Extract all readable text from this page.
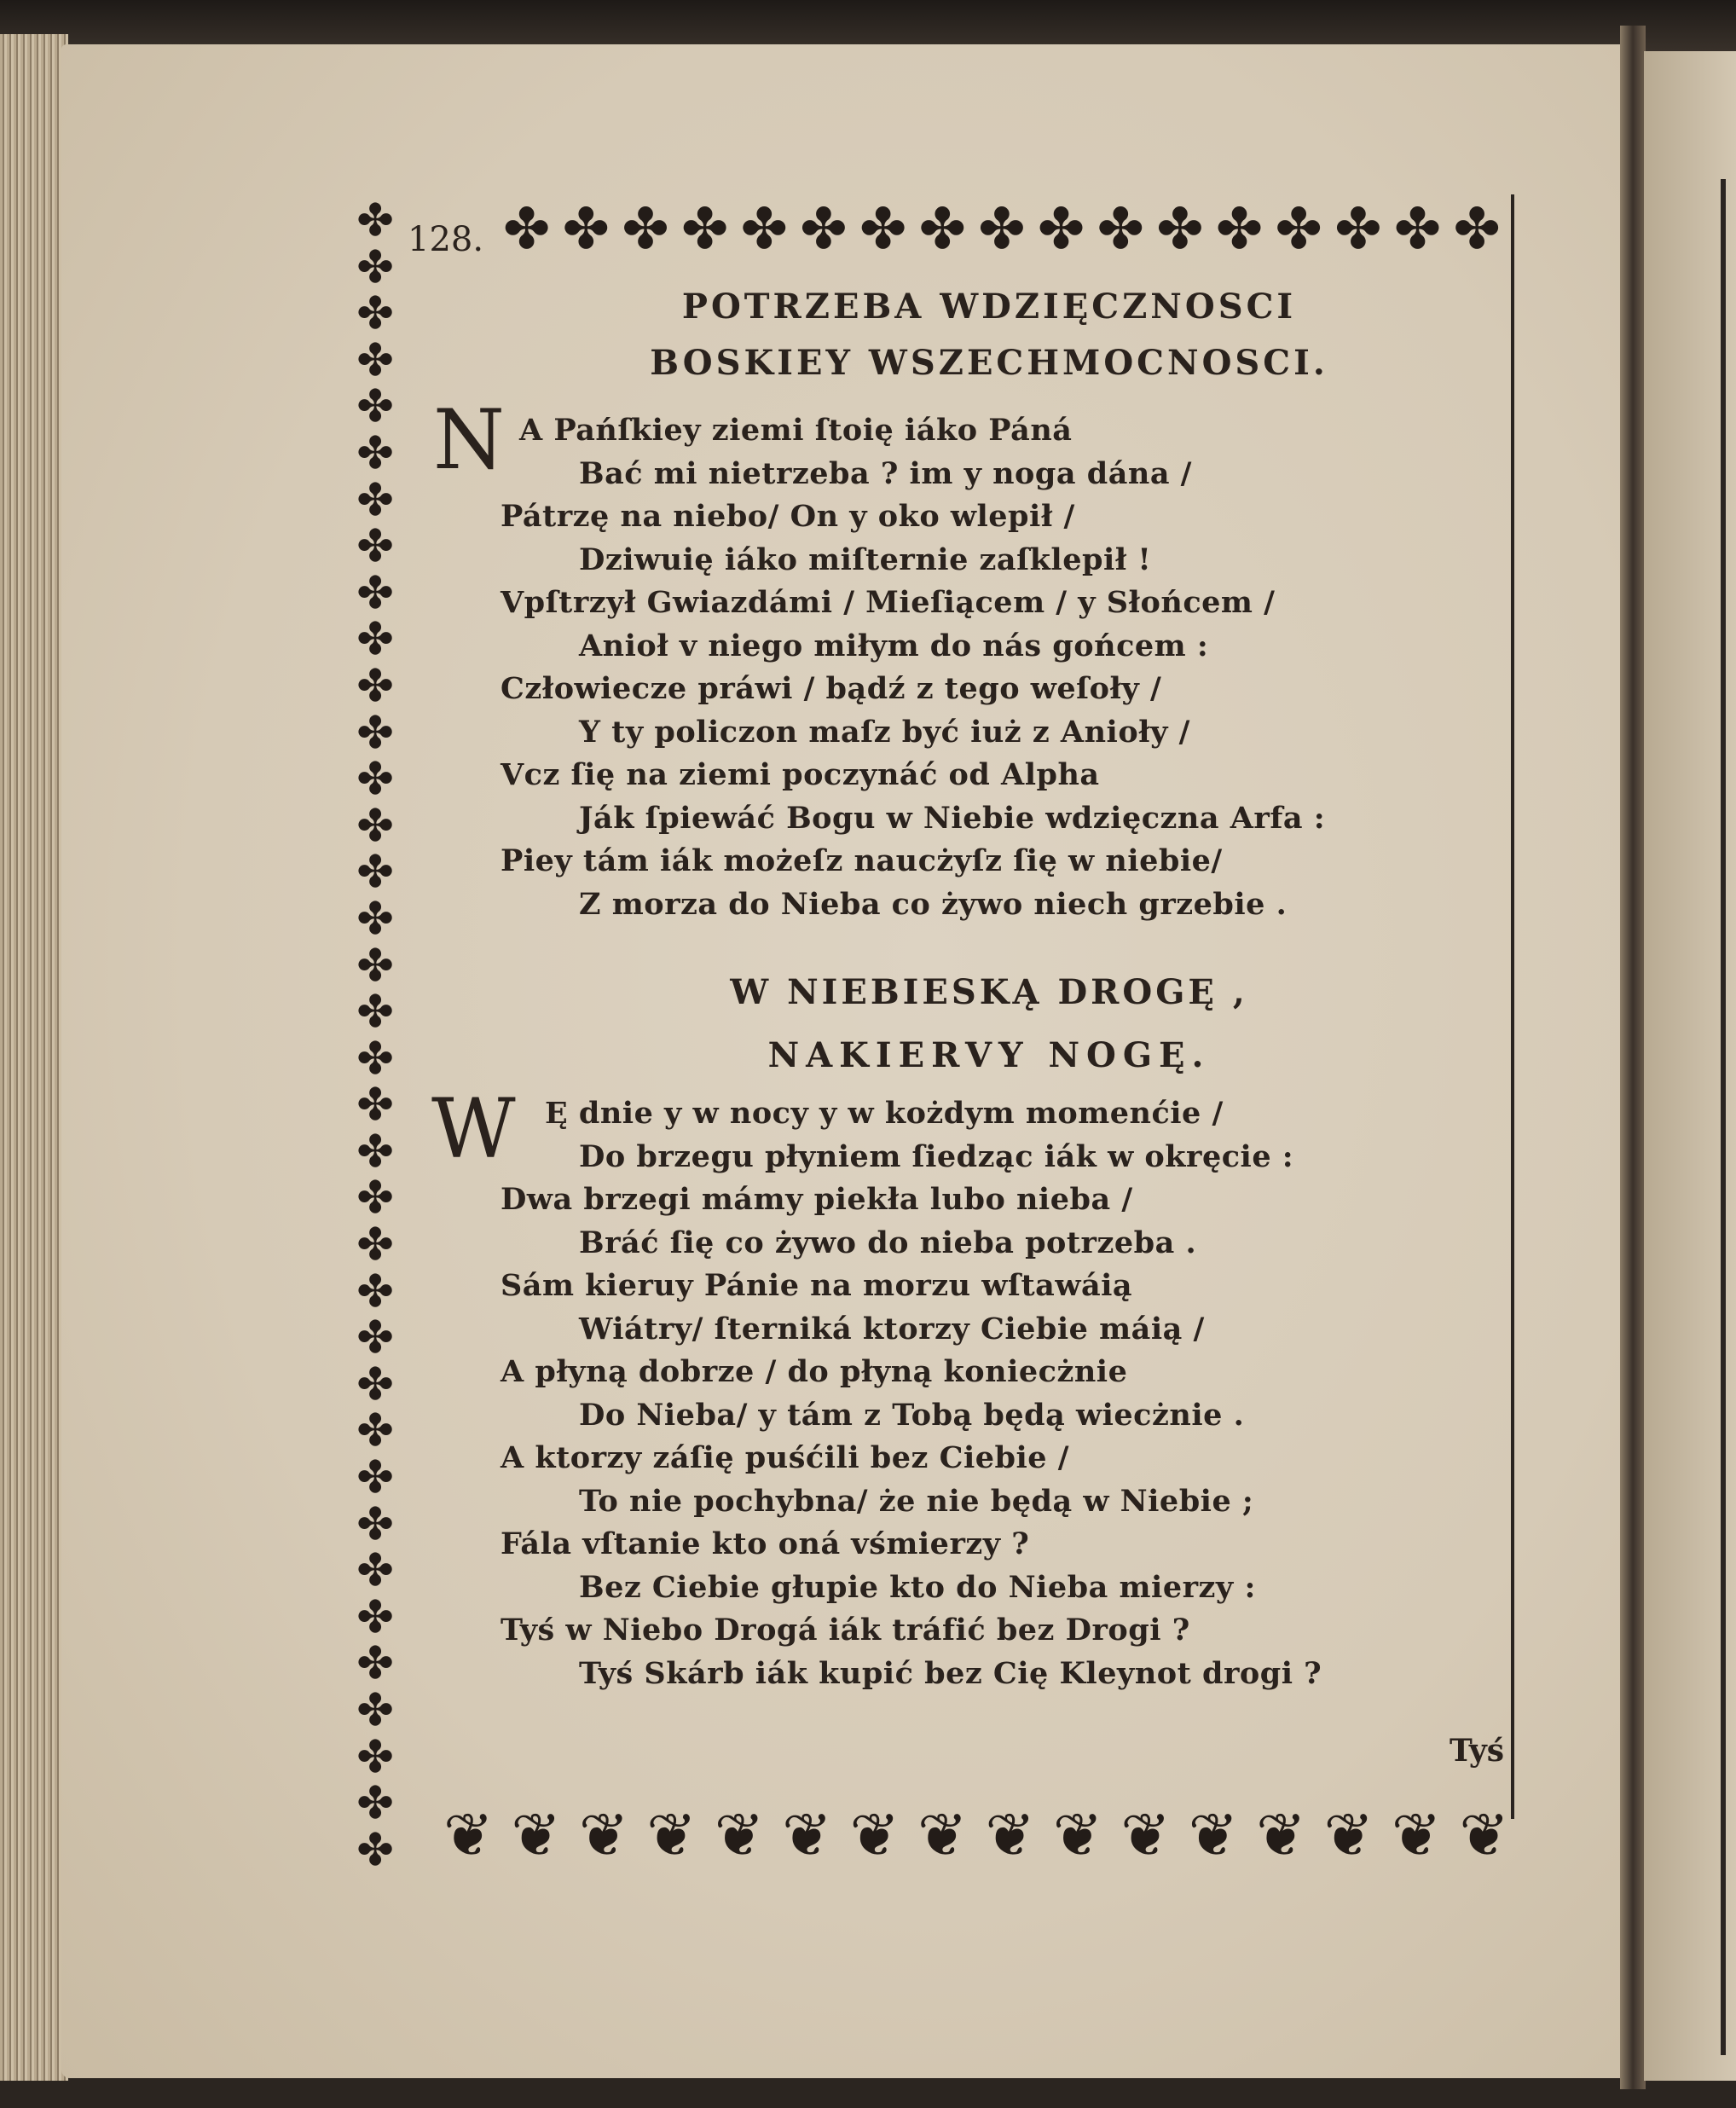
✤ ✤ ✤ ✤ ✤ ✤ ✤ ✤ ✤ ✤ ✤ ✤ ✤ ✤ ✤ ✤ ✤
✤
✤
✤
✤
✤
✤
✤
✤
✤
✤
✤
✤
✤
✤
✤
✤
✤
✤
✤
✤
✤
✤
✤
✤
✤
✤
✤
✤
✤
✤
✤
✤
✤
✤
✤
✤ ❦ ❦ ❦ ❦ ❦ ❦ ❦ ❦ ❦ ❦ ❦ ❦ ❦ ❦ ❦ ❦
128.
POTRZEBA WDZIĘCZNOSCI
BOSKIEY WSZECHMOCNOSCI.
N A Pańſkiey ziemi ſtoię iáko Páná
Bać mi nietrzeba ? im y noga dána /
Pátrzę na niebo/ On y oko wlepił /
Dziwuię iáko miſternie zaſklepił !
Vpſtrzył Gwiazdámi / Mieſiącem / y Słońcem /
Anioł v niego miłym do nás gońcem :
Człowiecze práwi / bądź z tego weſoły /
Y ty policzon maſz być iuż z Anioły /
Vcz ſię na ziemi poczynáć od Alpha
Ják ſpiewáć Bogu w Niebie wdzięczna Arfa :
Piey tám iák możeſz naucżyſz ſię w niebie/
Z morza do Nieba co żywo niech grzebie .
W NIEBIESKĄ DROGĘ ,
NAKIERVY NOGĘ.
W Ę dnie y w nocy y w kożdym momenćie /
Do brzegu płyniem ſiedząc iák w okręcie :
Dwa brzegi mámy piekła lubo nieba /
Bráć ſię co żywo do nieba potrzeba .
Sám kieruy Pánie na morzu wſtawáią
Wiátry/ ſterniká ktorzy Ciebie máią /
A płyną dobrze / do płyną koniecżnie
Do Nieba/ y tám z Tobą będą wiecżnie .
A ktorzy záſię puśćili bez Ciebie /
To nie pochybna/ że nie będą w Niebie ;
Fála vſtanie kto oná vśmierzy ?
Bez Ciebie głupie kto do Nieba mierzy :
Tyś w Niebo Drogá iák tráfić bez Drogi ?
Tyś Skárb iák kupić bez Cię Kleynot drogi ?
Tyś
